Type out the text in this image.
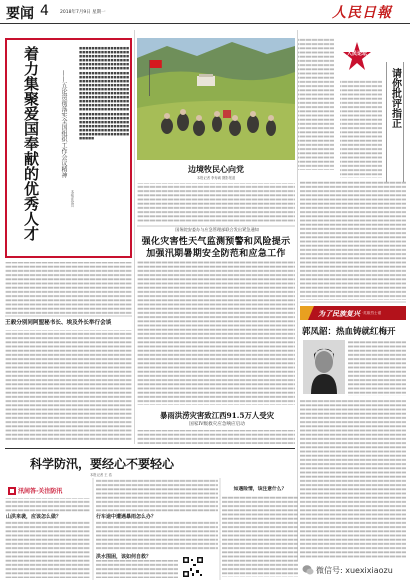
要闻 4 2018年7月9日 星期一	人民日報
着力集聚爱国奉献的优秀人才	——五论贯彻落实全国组织工作会议精神
本报评论员
■■■■■■■■■■■■■■■■■■■■■■■■■■■■■■■■■■■■■■■■■■■■■■■■■■■■■■■■■■■■■■■■■■■■■■■■■■■■■■■■■■■■■■■■■■■■■■■■■■■■■■■■■■■■■■■■■■■■■■■■■■■■■■■■■■■■■■■■■■■■■■■■■■■■■■■■■■■■■■■■■■■■■■■■■■■■■■■■■■■■■■■■■■■■■■■■■■■■■■■■■■■■■■■■■■■■■■■■■■■■■■■■■■■■■■■■■■■■■■■■■■■■■■■■■■■■■■■■■■■■■■■■■■■■■■■■■■■■■■■■■■■■■■■■■■■■■■■■■■■■■■■■■■■■■■■■■■■■■■■■■■■■■■■■■■■■■■■■■■■■■■■■■■■■■■■■■■■■■
边境牧民心向党
本报记者 李寿诚 摄影报道
国务院安委办与应急管理部联合发出紧急通知
强化灾害性天气监测预警和风险提示
加强汛期暑期安全防范和应急工作
暴雨洪涝灾害致江西91.5万人受灾
国家IV级救灾应急响应启动
王毅分别同阿盟秘书长、埃及外长举行会谈
人民论坛
请你批评指正
为了民族复兴 ·英雄烈士谱
郭凤韶：热血铸就红梅开
科学防汛，要经心不要轻心
本报记者 王 浩
汛间答·关注防汛
山洪来袭，应该怎么做？	行车途中遭遇暴雨怎么办？
洪水围困，该如何自救？
如遇险情，该注意什么？
微信号: xuexixiaozu
